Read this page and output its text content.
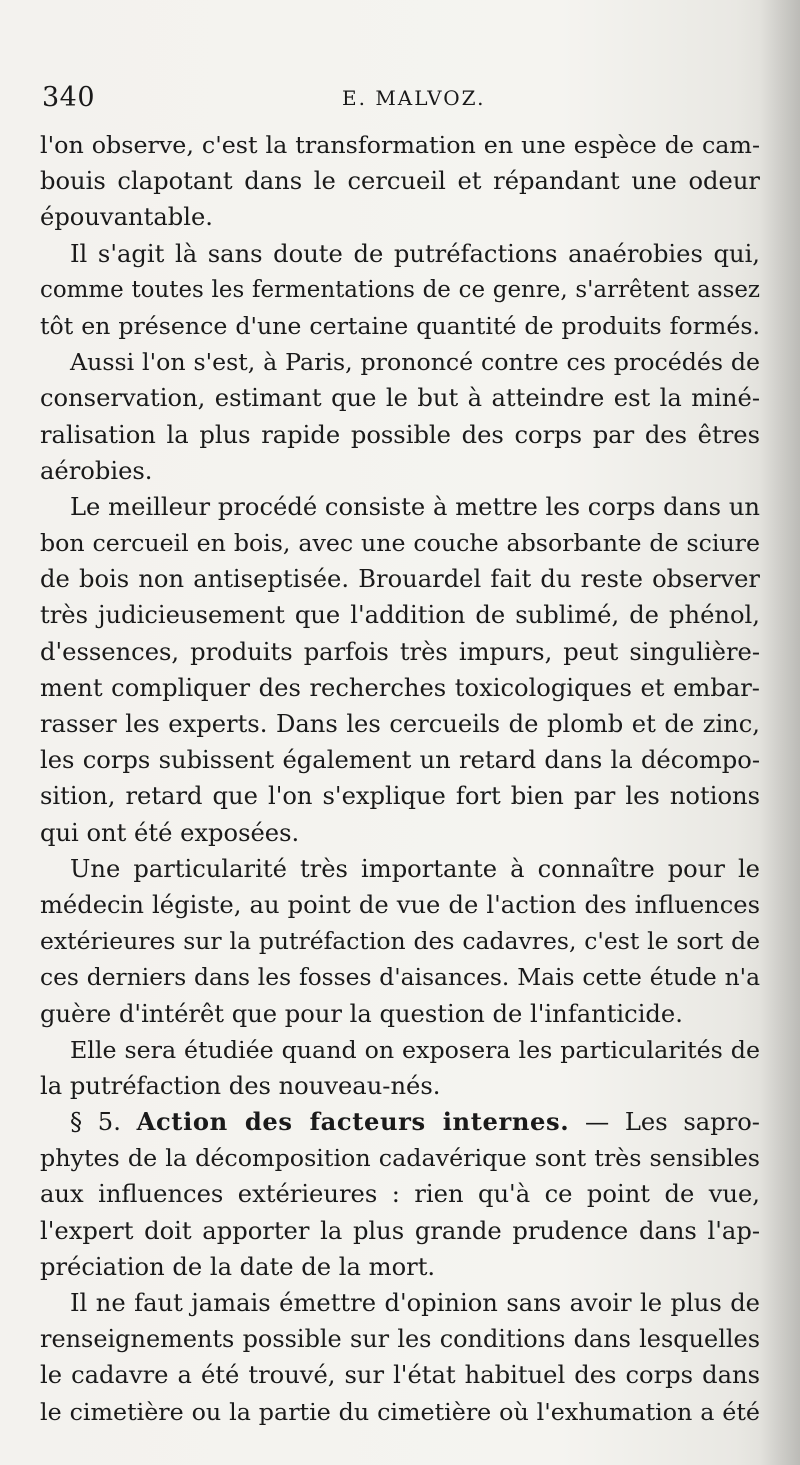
340	E. MALVOZ.
l'on observe, c'est la transformation en une espèce de cam-
bouis clapotant dans le cercueil et répandant une odeur
épouvantable.
Il s'agit là sans doute de putréfactions anaérobies qui,
comme toutes les fermentations de ce genre, s'arrêtent assez
tôt en présence d'une certaine quantité de produits formés.
Aussi l'on s'est, à Paris, prononcé contre ces procédés de
conservation, estimant que le but à atteindre est la miné-
ralisation la plus rapide possible des corps par des êtres
aérobies.
Le meilleur procédé consiste à mettre les corps dans un
bon cercueil en bois, avec une couche absorbante de sciure
de bois non antiseptisée. Brouardel fait du reste observer
très judicieusement que l'addition de sublimé, de phénol,
d'essences, produits parfois très impurs, peut singulière-
ment compliquer des recherches toxicologiques et embar-
rasser les experts. Dans les cercueils de plomb et de zinc,
les corps subissent également un retard dans la décompo-
sition, retard que l'on s'explique fort bien par les notions
qui ont été exposées.
Une particularité très importante à connaître pour le
médecin légiste, au point de vue de l'action des influences
extérieures sur la putréfaction des cadavres, c'est le sort de
ces derniers dans les fosses d'aisances. Mais cette étude n'a
guère d'intérêt que pour la question de l'infanticide.
Elle sera étudiée quand on exposera les particularités de
la putréfaction des nouveau-nés.
§ 5. Action des facteurs internes. — Les sapro-
phytes de la décomposition cadavérique sont très sensibles
aux influences extérieures : rien qu'à ce point de vue,
l'expert doit apporter la plus grande prudence dans l'ap-
préciation de la date de la mort.
Il ne faut jamais émettre d'opinion sans avoir le plus de
renseignements possible sur les conditions dans lesquelles
le cadavre a été trouvé, sur l'état habituel des corps dans
le cimetière ou la partie du cimetière où l'exhumation a été
